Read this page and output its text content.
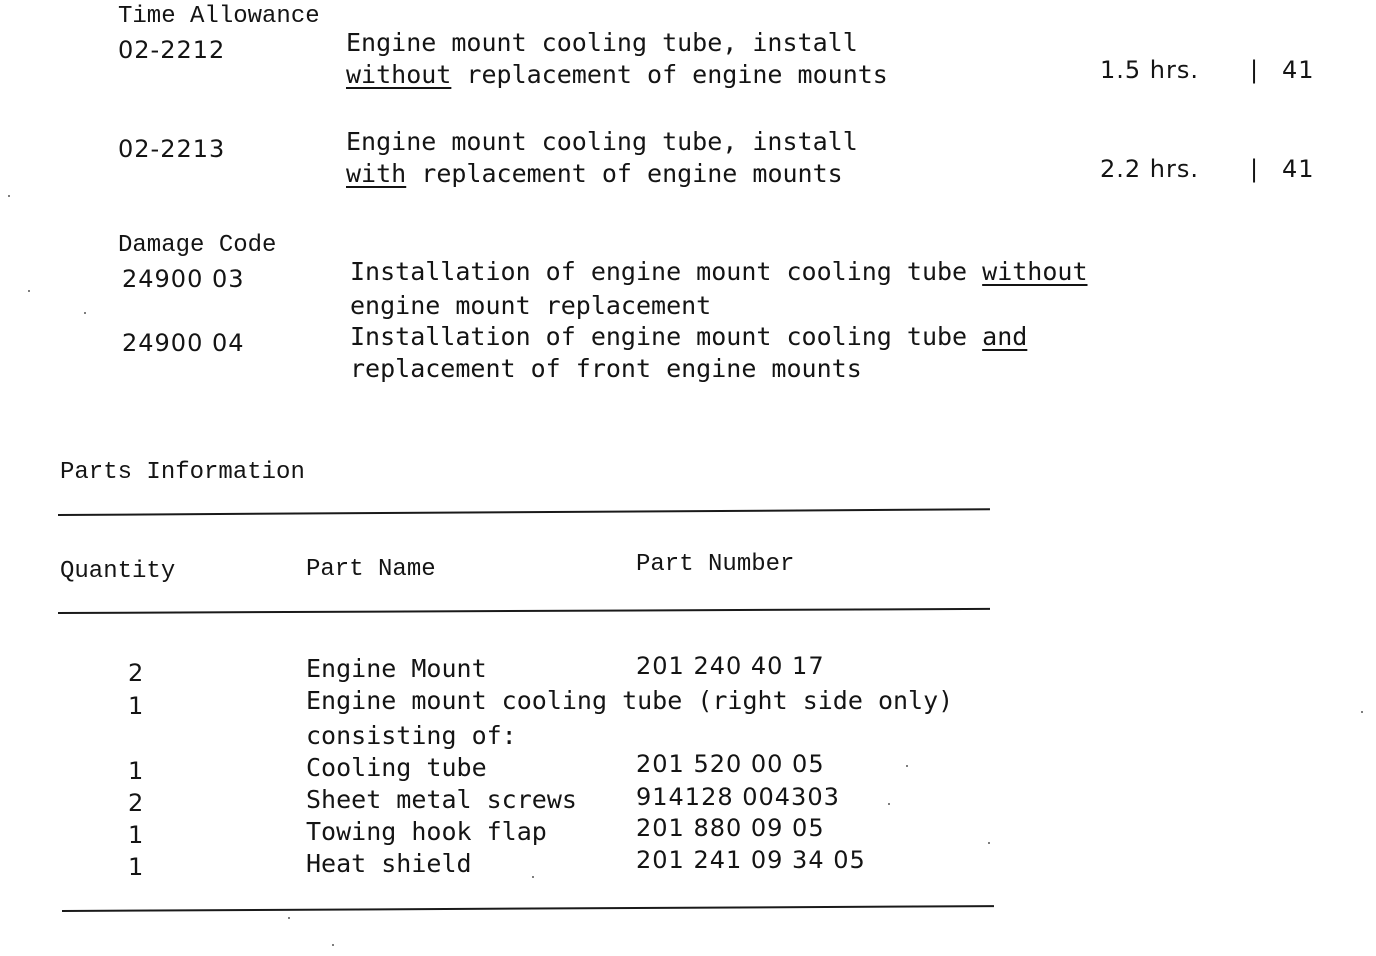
Time Allowance
02-2212	Engine mount cooling tube, install
without replacement of engine mounts	1.5 hrs. | 41
02-2213	Engine mount cooling tube, install
with replacement of engine mounts	2.2 hrs. | 41
Damage Code
24900 03	Installation of engine mount cooling tube without
engine mount replacement
24900 04	Installation of engine mount cooling tube and
replacement of front engine mounts
Parts Information
Quantity	Part Name	Part Number
2	Engine Mount	201 240 40 17
1	Engine mount cooling tube (right side only)
consisting of:
1	Cooling tube	201 520 00 05
2	Sheet metal screws 914128 004303
1	Towing hook flap	201 880 09 05
1	Heat shield	201 241 09 34 05
